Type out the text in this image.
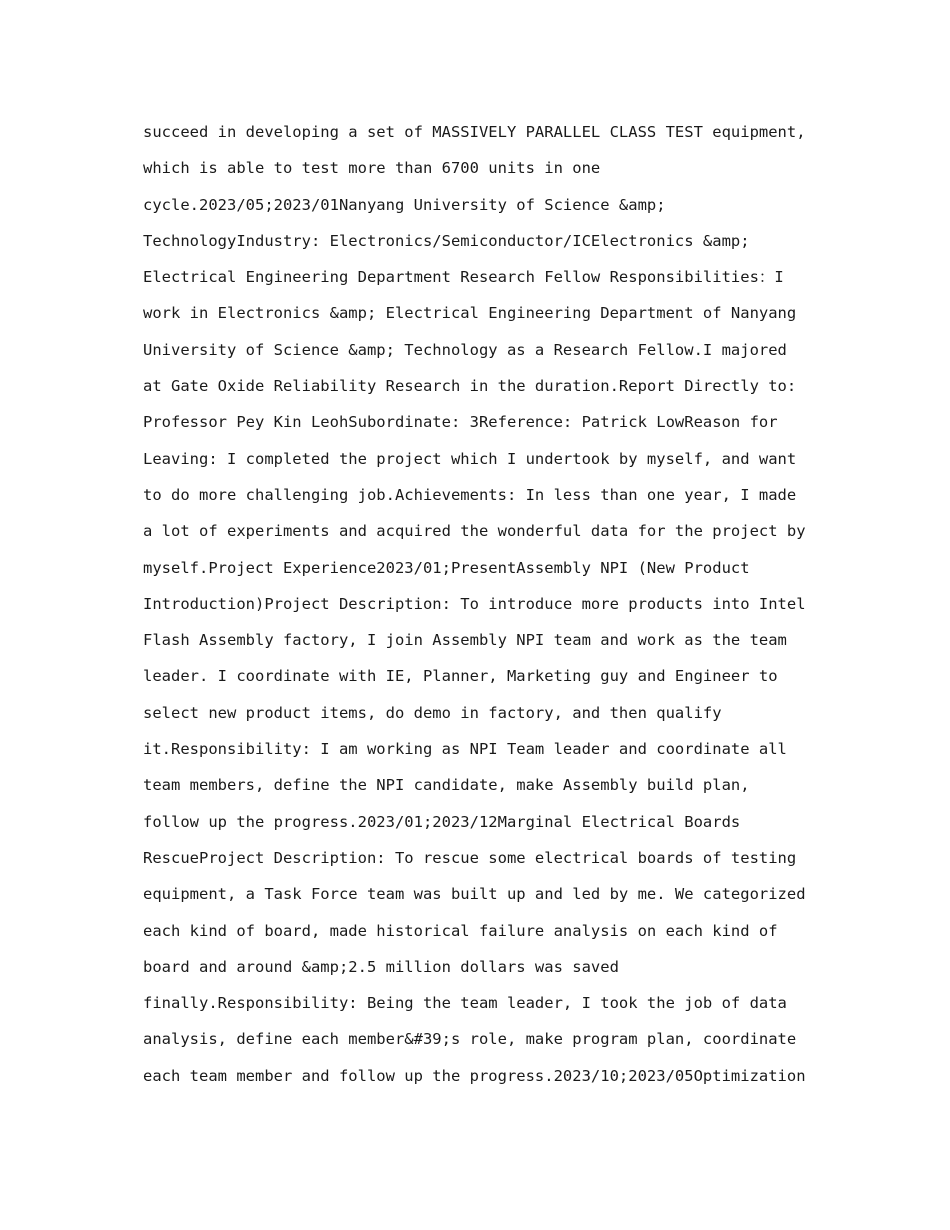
succeed in developing a set of MASSIVELY PARALLEL CLASS TEST equipment,
which is able to test more than 6700 units in one
cycle.2023/05;2023/01Nanyang University of Science &amp;
TechnologyIndustry: Electronics/Semiconductor/ICElectronics &amp;
Electrical Engineering Department Research Fellow Responsibilities：I
work in Electronics &amp; Electrical Engineering Department of Nanyang
University of Science &amp; Technology as a Research Fellow.I majored
at Gate Oxide Reliability Research in the duration.Report Directly to:
Professor Pey Kin LeohSubordinate: 3Reference: Patrick LowReason for
Leaving: I completed the project which I undertook by myself, and want
to do more challenging job.Achievements: In less than one year, I made
a lot of experiments and acquired the wonderful data for the project by
myself.Project Experience2023/01;PresentAssembly NPI (New Product
Introduction)Project Description: To introduce more products into Intel
Flash Assembly factory, I join Assembly NPI team and work as the team
leader. I coordinate with IE, Planner, Marketing guy and Engineer to
select new product items, do demo in factory, and then qualify
it.Responsibility: I am working as NPI Team leader and coordinate all
team members, define the NPI candidate, make Assembly build plan,
follow up the progress.2023/01;2023/12Marginal Electrical Boards
RescueProject Description: To rescue some electrical boards of testing
equipment, a Task Force team was built up and led by me. We categorized
each kind of board, made historical failure analysis on each kind of
board and around &amp;2.5 million dollars was saved
finally.Responsibility: Being the team leader, I took the job of data
analysis, define each member&#39;s role, make program plan, coordinate
each team member and follow up the progress.2023/10;2023/05Optimization
